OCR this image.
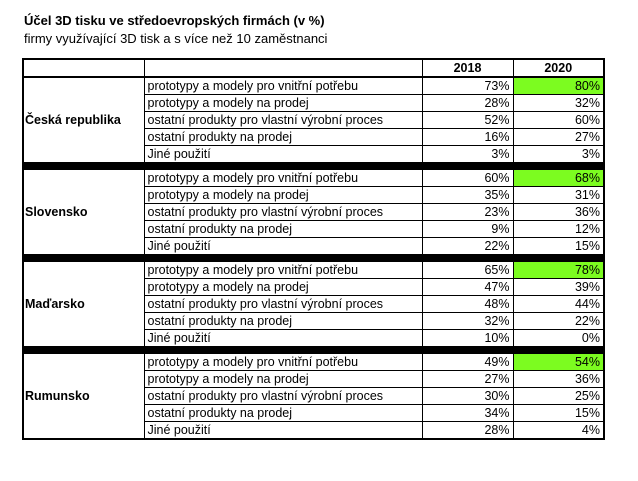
Účel 3D tisku ve středoevropských firmách (v %)
firmy využívající 3D tisk a s více než 10 zaměstnanci
		2018	2020
Česká republika	prototypy a modely pro vnitřní potřebu	73%	80%
	prototypy a modely na prodej	28%	32%
	ostatní produkty pro vlastní výrobní proces	52%	60%
	ostatní produkty na prodej	16%	27%
	Jiné použití	3%	3%

Slovensko	prototypy a modely pro vnitřní potřebu	60%	68%
	prototypy a modely na prodej	35%	31%
	ostatní produkty pro vlastní výrobní proces	23%	36%
	ostatní produkty na prodej	9%	12%
	Jiné použití	22%	15%

Maďarsko	prototypy a modely pro vnitřní potřebu	65%	78%
	prototypy a modely na prodej	47%	39%
	ostatní produkty pro vlastní výrobní proces	48%	44%
	ostatní produkty na prodej	32%	22%
	Jiné použití	10%	0%

Rumunsko	prototypy a modely pro vnitřní potřebu	49%	54%
	prototypy a modely na prodej	27%	36%
	ostatní produkty pro vlastní výrobní proces	30%	25%
	ostatní produkty na prodej	34%	15%
	Jiné použití	28%	4%
